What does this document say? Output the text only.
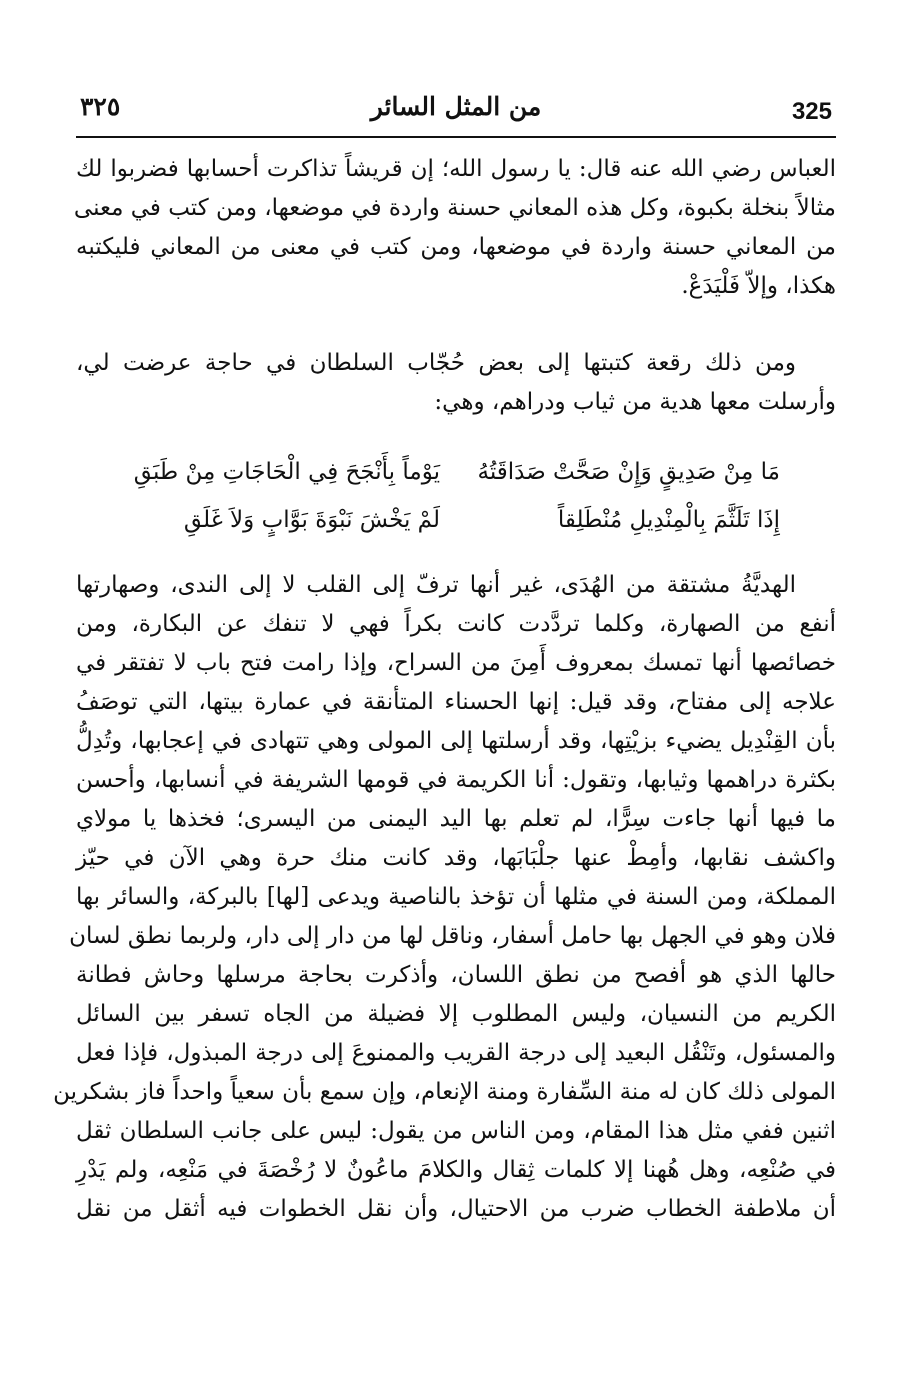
٣٢٥	من المثل السائر	325
العباس رضي الله عنه قال: يا رسول الله؛ إن قريشاً تذاكرت أحسابها فضربوا لك
مثالاً بنخلة بكبوة، وكل هذه المعاني حسنة واردة في موضعها، ومن كتب في معنى
من المعاني حسنة واردة في موضعها، ومن كتب في معنى من المعاني فليكتبه
هكذا، وإلاّ فَلْيَدَعْ.
ومن ذلك رقعة كتبتها إلى بعض حُجّاب السلطان في حاجة عرضت لي،
وأرسلت معها هدية من ثياب ودراهم، وهي:
مَا مِنْ صَدِيقٍ وَإِنْ صَحَّتْ صَدَاقَتُهُ
يَوْماً بِأَنْجَحَ فِي الْحَاجَاتِ مِنْ طَبَقِ
إِذَا تَلَثَّمَ بِالْمِنْدِيلِ مُنْطَلِقاً
لَمْ يَخْشَ نَبْوَةَ بَوَّابٍ وَلاَ غَلَقِ
الهديَّةُ مشتقة من الهُدَى، غير أنها ترفّ إلى القلب لا إلى الندى، وصهارتها
أنفع من الصهارة، وكلما تردَّدت كانت بكراً فهي لا تنفك عن البكارة، ومن
خصائصها أنها تمسك بمعروف أَمِنَ من السراح، وإذا رامت فتح باب لا تفتقر في
علاجه إلى مفتاح، وقد قيل: إنها الحسناء المتأنقة في عمارة بيتها، التي توصَفُ
بأن القِنْدِيل يضيء بزيْتِها، وقد أرسلتها إلى المولى وهي تتهادى في إعجابها، وتُدِلُّ
بكثرة دراهمها وثيابها، وتقول: أنا الكريمة في قومها الشريفة في أنسابها، وأحسن
ما فيها أنها جاءت سِرًّا، لم تعلم بها اليد اليمنى من اليسرى؛ فخذها يا مولاي
واكشف نقابها، وأمِطْ عنها جلْبَابَها، وقد كانت منك حرة وهي الآن في حيّز
المملكة، ومن السنة في مثلها أن تؤخذ بالناصية ويدعى [لها] بالبركة، والسائر بها
فلان وهو في الجهل بها حامل أسفار، وناقل لها من دار إلى دار، ولربما نطق لسان
حالها الذي هو أفصح من نطق اللسان، وأذكرت بحاجة مرسلها وحاش فطانة
الكريم من النسيان، وليس المطلوب إلا فضيلة من الجاه تسفر بين السائل
والمسئول، وتَنْقُل البعيد إلى درجة القريب والممنوعَ إلى درجة المبذول، فإذا فعل
المولى ذلك كان له منة السِّفارة ومنة الإنعام، وإن سمع بأن سعياً واحداً فاز بشكرين
اثنين ففي مثل هذا المقام، ومن الناس من يقول: ليس على جانب السلطان ثقل
في صُنْعِه، وهل هُهنا إلا كلمات ثِقال والكلامَ ماعُونٌ لا رُخْصَةَ في مَنْعِه، ولم يَدْرِ
أن ملاطفة الخطاب ضرب من الاحتيال، وأن نقل الخطوات فيه أثقل من نقل
